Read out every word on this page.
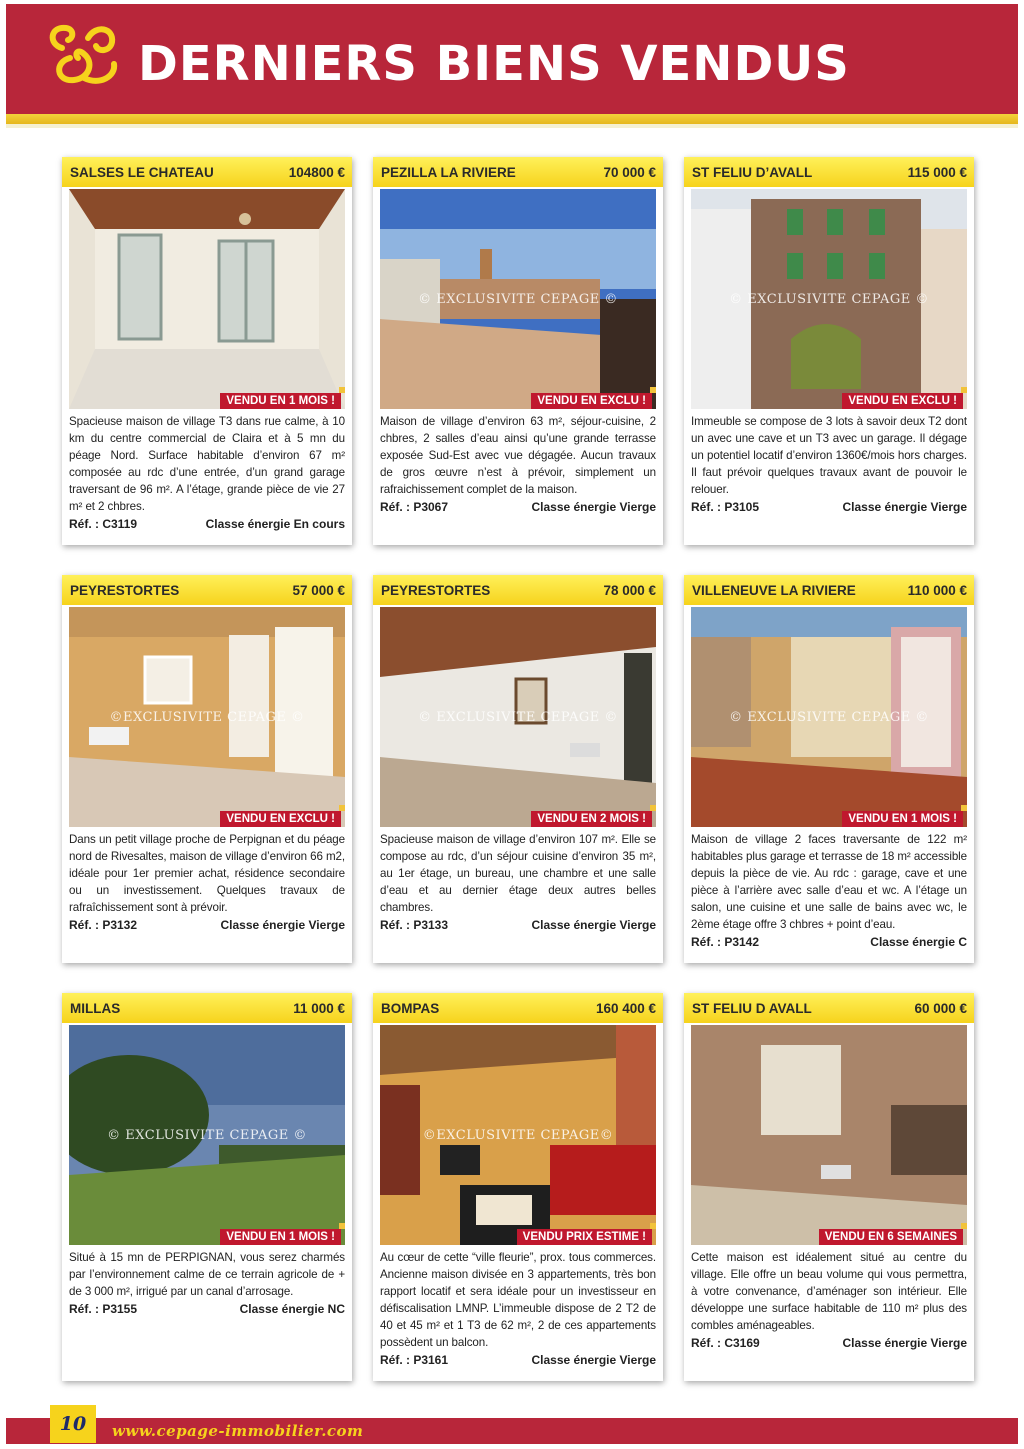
DERNIERS BIENS VENDUS
SALSES LE CHATEAU	104800 €
VENDU EN 1 MOIS !
Spacieuse maison de village T3 dans rue calme, à 10 km du centre commercial de Claira et à 5 mn du péage Nord. Surface habitable d’environ 67 m² composée au rdc d’une entrée, d’un grand garage traversant de 96 m². A l’étage, grande pièce de vie 27 m² et 2 chbres.
Réf. : C3119	Classe énergie En cours
PEZILLA LA RIVIERE	70 000 €
© EXCLUSIVITE CEPAGE ©
VENDU EN EXCLU !
Maison de village d’environ 63 m², séjour-cuisine, 2 chbres, 2 salles d’eau ainsi qu’une grande terrasse exposée Sud-Est avec vue dégagée. Aucun travaux de gros œuvre n’est à prévoir, simplement un rafraichissement complet de la maison.
Réf. : P3067	Classe énergie Vierge
ST FELIU D’AVALL	115 000 €
© EXCLUSIVITE CEPAGE ©
VENDU EN EXCLU !
Immeuble se compose de 3 lots à savoir deux T2 dont un avec une cave et un T3 avec un garage. Il dégage un potentiel locatif d’environ 1360€/mois hors charges. Il faut prévoir quelques travaux avant de pouvoir le relouer.
Réf. : P3105	Classe énergie Vierge
PEYRESTORTES	57 000 €
©EXCLUSIVITE CEPAGE ©
VENDU EN EXCLU !
Dans un petit village proche de Perpignan et du péage nord de Rivesaltes, maison de village d’environ 66 m2, idéale pour 1er premier achat, résidence secondaire ou un investissement. Quelques travaux de rafraîchissement sont à prévoir.
Réf. : P3132	Classe énergie Vierge
PEYRESTORTES	78 000 €
© EXCLUSIVITE CEPAGE ©
VENDU EN 2 MOIS !
Spacieuse maison de village d’environ 107 m². Elle se compose au rdc, d’un séjour cuisine d’environ 35 m², au 1er étage, un bureau, une chambre et une salle d’eau et au dernier étage deux autres belles chambres.
Réf. : P3133	Classe énergie Vierge
VILLENEUVE LA RIVIERE	110 000 €
© EXCLUSIVITE CEPAGE ©
VENDU EN 1 MOIS !
Maison de village 2 faces traversante de 122 m² habitables plus garage et terrasse de 18 m² accessible depuis la pièce de vie. Au rdc : garage, cave et une pièce à l’arrière avec salle d’eau et wc. A l’étage un salon, une cuisine et une salle de bains avec wc, le 2ème étage offre 3 chbres + point d’eau.
Réf. : P3142	Classe énergie C
MILLAS	11 000 €
© EXCLUSIVITE CEPAGE ©
VENDU EN 1 MOIS !
Situé à 15 mn de PERPIGNAN, vous serez charmés par l’environnement calme de ce terrain agricole de + de 3 000 m², irrigué par un canal d’arrosage.
Réf. : P3155	Classe énergie NC
BOMPAS	160 400 €
©EXCLUSIVITE CEPAGE©
VENDU PRIX ESTIME !
Au cœur de cette “ville fleurie”, prox. tous commerces. Ancienne maison divisée en 3 appartements, très bon rapport locatif et sera idéale pour un investisseur en défiscalisation LMNP. L’immeuble dispose de 2 T2 de 40 et 45 m² et 1 T3 de 62 m², 2 de ces appartements possèdent un balcon.
Réf. : P3161	Classe énergie Vierge
ST FELIU D AVALL	60 000 €
VENDU EN 6 SEMAINES
Cette maison est idéalement situé au centre du village. Elle offre un beau volume qui vous permettra, à votre convenance, d’aménager son intérieur. Elle développe une surface habitable de 110 m² plus des combles aménageables.
Réf. : C3169	Classe énergie Vierge
10	www.cepage-immobilier.com
